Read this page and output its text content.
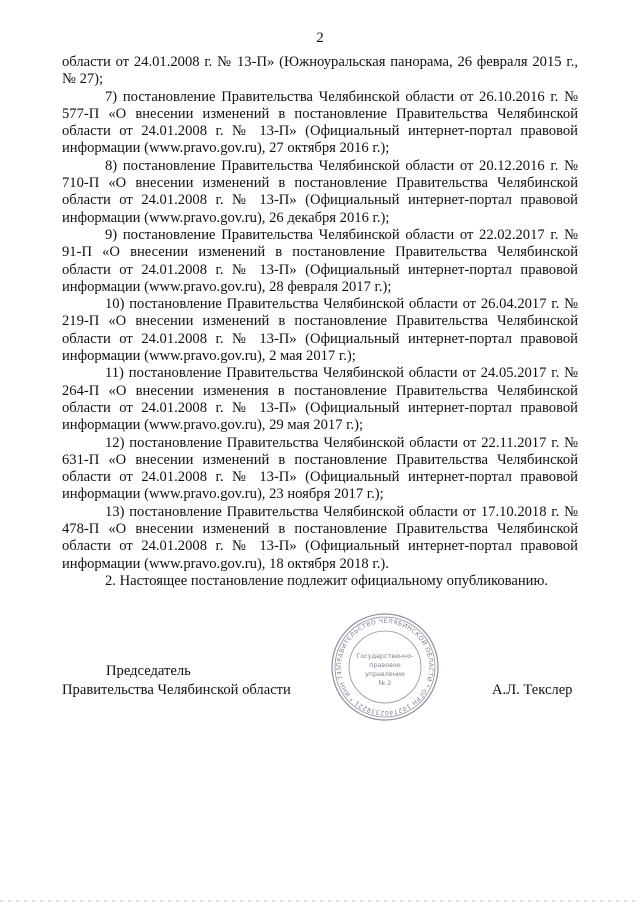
2

области от 24.01.2008 г. № 13-П» (Южноуральская панорама, 26 февраля 2015 г., № 27);

7) постановление Правительства Челябинской области от 26.10.2016 г. № 577-П «О внесении изменений в постановление Правительства Челябинской области от 24.01.2008 г. № 13-П» (Официальный интернет-портал правовой информации (www.pravo.gov.ru), 27 октября 2016 г.);

8) постановление Правительства Челябинской области от 20.12.2016 г. № 710-П «О внесении изменений в постановление Правительства Челябинской области от 24.01.2008 г. № 13-П» (Официальный интернет-портал правовой информации (www.pravo.gov.ru), 26 декабря 2016 г.);

9) постановление Правительства Челябинской области от 22.02.2017 г. № 91-П «О внесении изменений в постановление Правительства Челябинской области от 24.01.2008 г. № 13-П» (Официальный интернет-портал правовой информации (www.pravo.gov.ru), 28 февраля 2017 г.);

10) постановление Правительства Челябинской области от 26.04.2017 г. № 219-П «О внесении изменений в постановление Правительства Челябинской области от 24.01.2008 г. № 13-П» (Официальный интернет-портал правовой информации (www.pravo.gov.ru), 2 мая 2017 г.);

11) постановление Правительства Челябинской области от 24.05.2017 г. № 264-П «О внесении изменения в постановление Правительства Челябинской области от 24.01.2008 г. № 13-П» (Официальный интернет-портал правовой информации (www.pravo.gov.ru), 29 мая 2017 г.);

12) постановление Правительства Челябинской области от 22.11.2017 г. № 631-П «О внесении изменений в постановление Правительства Челябинской области от 24.01.2008 г. № 13-П» (Официальный интернет-портал правовой информации (www.pravo.gov.ru), 23 ноября 2017 г.);

13) постановление Правительства Челябинской области от 17.10.2018 г. № 478-П «О внесении изменений в постановление Правительства Челябинской области от 24.01.2008 г. № 13-П» (Официальный интернет-портал правовой информации (www.pravo.gov.ru), 18 октября 2018 г.).

2. Настоящее постановление подлежит официальному опубликованию.

Председатель
Правительства Челябинской области
ПРАВИТЕЛЬСТВО ЧЕЛЯБИНСКОЙ ОБЛАСТИ * ОГРН 1027402338221 * ИНН 745
Государственно-
правовое
управление
№ 2	А.Л. Текслер
